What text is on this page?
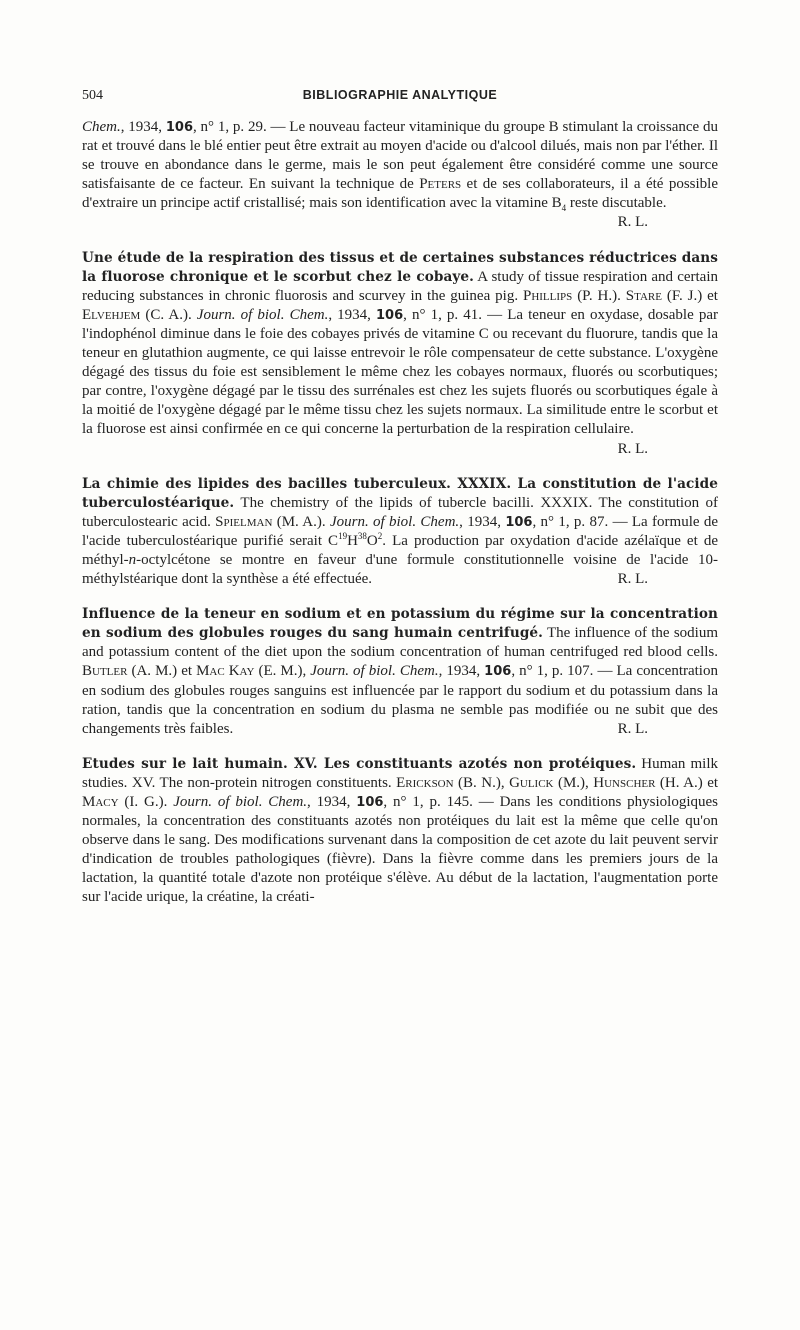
504	BIBLIOGRAPHIE ANALYTIQUE

Chem., 1934, 106, n° 1, p. 29. — Le nouveau facteur vitaminique du groupe B stimulant la croissance du rat et trouvé dans le blé entier peut être extrait au moyen d'acide ou d'alcool dilués, mais non par l'éther. Il se trouve en abondance dans le germe, mais le son peut également être considéré comme une source satisfaisante de ce facteur. En suivant la technique de Peters et de ses collaborateurs, il a été possible d'extraire un principe actif cristallisé; mais son identification avec la vitamine $B_4$ reste discutable.

R. L.

Une étude de la respiration des tissus et de certaines substances réductrices dans la fluorose chronique et le scorbut chez le cobaye. A study of tissue respiration and certain reducing substances in chronic fluorosis and scurvey in the guinea pig. Phillips (P. H.). Stare (F. J.) et Elvehjem (C. A.). Journ. of biol. Chem., 1934, 106, n° 1, p. 41. — La teneur en oxydase, dosable par l'indophénol diminue dans le foie des cobayes privés de vitamine C ou recevant du fluorure, tandis que la teneur en glutathion augmente, ce qui laisse entrevoir le rôle compensateur de cette substance. L'oxygène dégagé des tissus du foie est sensiblement le même chez les cobayes normaux, fluorés ou scorbutiques; par contre, l'oxygène dégagé par le tissu des surrénales est chez les sujets fluorés ou scorbutiques égale à la moitié de l'oxygène dégagé par le même tissu chez les sujets normaux. La similitude entre le scorbut et la fluorose est ainsi confirmée en ce qui concerne la perturbation de la respiration cellulaire.

R. L.

La chimie des lipides des bacilles tuberculeux. XXXIX. La constitution de l'acide tuberculostéarique. The chemistry of the lipids of tubercle bacilli. XXXIX. The constitution of tuberculostearic acid. Spielman (M. A.). Journ. of biol. Chem., 1934, 106, n° 1, p. 87. — La formule de l'acide tuberculostéarique purifié serait $C^{19}H^{38}O^2$. La production par oxydation d'acide azélaïque et de méthyl-n-octylcétone se montre en faveur d'une formule constitutionnelle voisine de l'acide 10-méthylstéarique dont la synthèse a été effectuée.	R. L.

Influence de la teneur en sodium et en potassium du régime sur la concentration en sodium des globules rouges du sang humain centrifugé. The influence of the sodium and potassium content of the diet upon the sodium concentration of human centrifuged red blood cells. Butler (A. M.) et Mac Kay (E. M.), Journ. of biol. Chem., 1934, 106, n° 1, p. 107. — La concentration en sodium des globules rouges sanguins est influencée par le rapport du sodium et du potassium dans la ration, tandis que la concentration en sodium du plasma ne semble pas modifiée ou ne subit que des changements très faibles.	R. L.

Etudes sur le lait humain. XV. Les constituants azotés non protéiques. Human milk studies. XV. The non-protein nitrogen constituents. Erickson (B. N.), Gulick (M.), Hunscher (H. A.) et Macy (I. G.). Journ. of biol. Chem., 1934, 106, n° 1, p. 145. — Dans les conditions physiologiques normales, la concentration des constituants azotés non protéiques du lait est la même que celle qu'on observe dans le sang. Des modifications survenant dans la composition de cet azote du lait peuvent servir d'indication de troubles pathologiques (fièvre). Dans la fièvre comme dans les premiers jours de la lactation, la quantité totale d'azote non protéique s'élève. Au début de la lactation, l'augmentation porte sur l'acide urique, la créatine, la créati-
